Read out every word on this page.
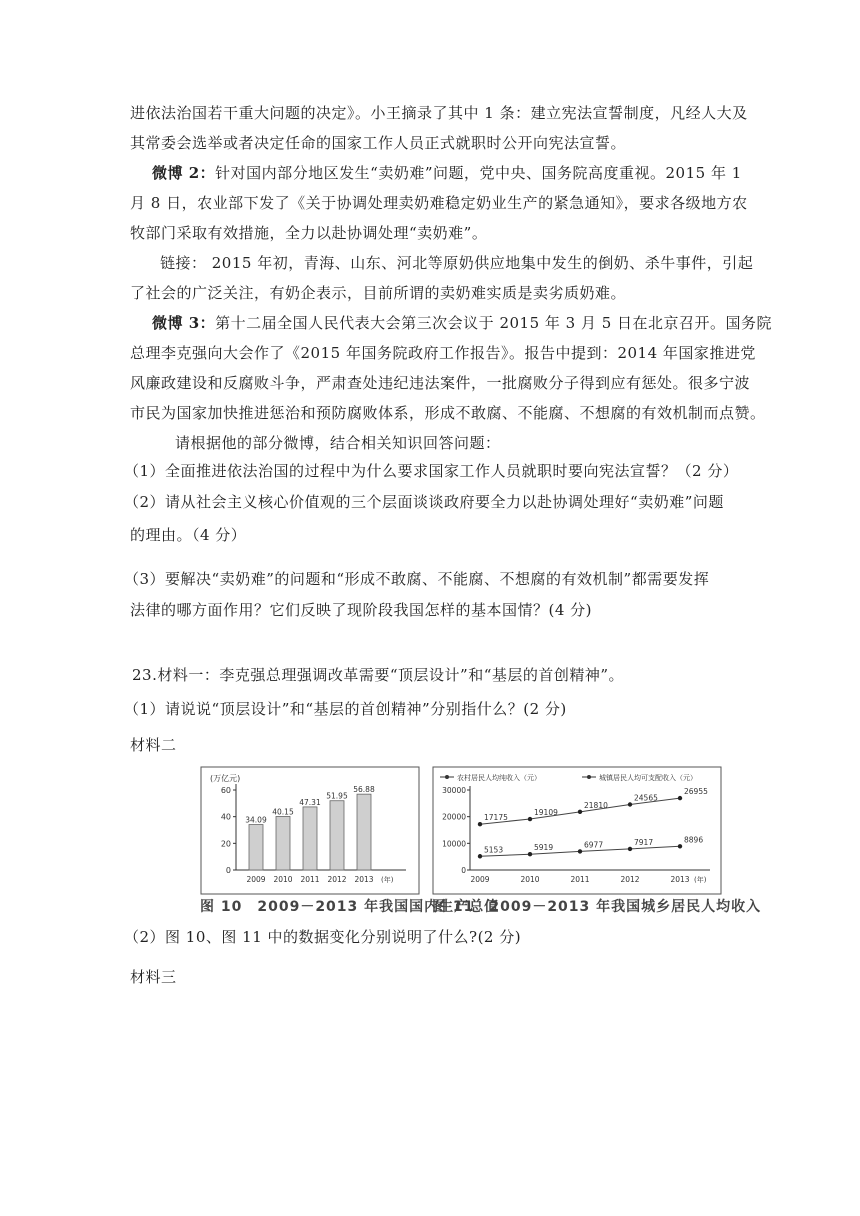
进依法治国若干重大问题的决定》。小王摘录了其中 1 条：建立宪法宣誓制度，凡经人大及
其常委会选举或者决定任命的国家工作人员正式就职时公开向宪法宣誓。
微博 2：针对国内部分地区发生“卖奶难”问题，党中央、国务院高度重视。2015 年 1
月 8 日，农业部下发了《关于协调处理卖奶难稳定奶业生产的紧急通知》，要求各级地方农
牧部门采取有效措施，全力以赴协调处理“卖奶难”。
链接： 2015 年初，青海、山东、河北等原奶供应地集中发生的倒奶、杀牛事件，引起
了社会的广泛关注，有奶企表示，目前所谓的卖奶难实质是卖劣质奶难。
微博 3：第十二届全国人民代表大会第三次会议于 2015 年 3 月 5 日在北京召开。国务院
总理李克强向大会作了《2015 年国务院政府工作报告》。报告中提到：2014 年国家推进党
风廉政建设和反腐败斗争，严肃查处违纪违法案件，一批腐败分子得到应有惩处。很多宁波
市民为国家加快推进惩治和预防腐败体系，形成不敢腐、不能腐、不想腐的有效机制而点赞。
请根据他的部分微博，结合相关知识回答问题：
（1）全面推进依法治国的过程中为什么要求国家工作人员就职时要向宪法宣誓？（2 分）
（2）请从社会主义核心价值观的三个层面谈谈政府要全力以赴协调处理好“卖奶难”问题
的理由。（4 分）
（3）要解决“卖奶难”的问题和“形成不敢腐、不能腐、不想腐的有效机制”都需要发挥
法律的哪方面作用？它们反映了现阶段我国怎样的基本国情？(4 分)
23.材料一：李克强总理强调改革需要“顶层设计”和“基层的首创精神”。
（1）请说说“顶层设计”和“基层的首创精神”分别指什么？(2 分)
材料二
(万亿元)
0
20
40
60
34.09
2009
40.15
2010
47.31
2011
51.95
2012
56.88
2013 (年)
图 10　2009－2013 年我国国内生产总值
农村居民人均纯收入（元）	城镇居民人均可支配收入（元）
0
10000
20000
30000
2009	2010	2011	2012	2013 (年)
5153	5919	6977	7917	8896
17175
19109
21810
24565
26955
图 11　2009－2013 年我国城乡居民人均收入
（2）图 10、图 11 中的数据变化分别说明了什么?(2 分)
材料三
